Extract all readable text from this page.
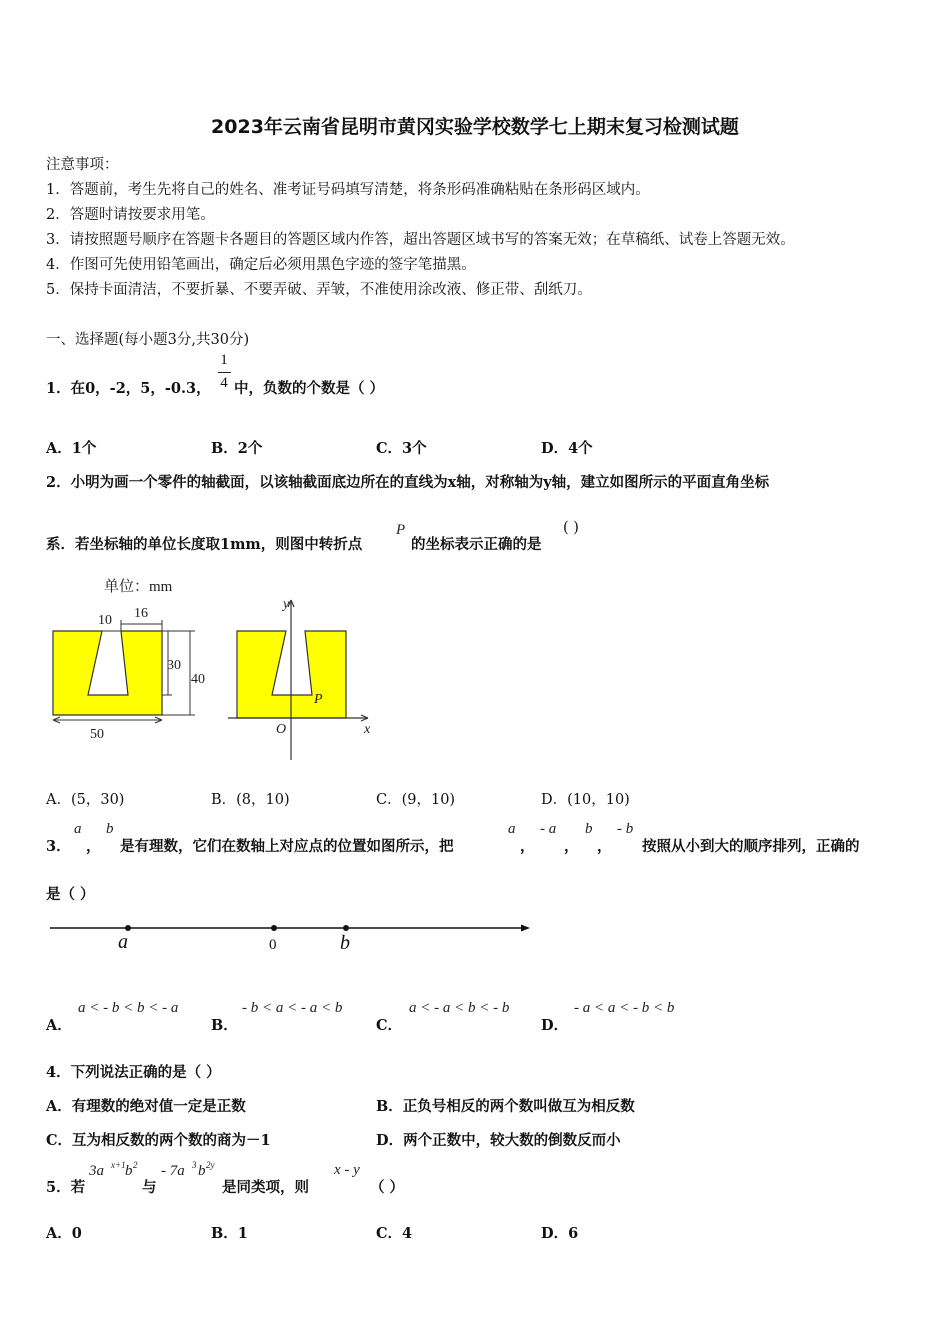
2023年云南省昆明市黄冈实验学校数学七上期末复习检测试题
注意事项：
1．答题前，考生先将自己的姓名、准考证号码填写清楚，将条形码准确粘贴在条形码区域内。
2．答题时请按要求用笔。
3．请按照题号顺序在答题卡各题目的答题区域内作答，超出答题区域书写的答案无效；在草稿纸、试卷上答题无效。
4．作图可先使用铅笔画出，确定后必须用黑色字迹的签字笔描黑。
5．保持卡面清洁，不要折暴、不要弄破、弄皱，不准使用涂改液、修正带、刮纸刀。
一、选择题(每小题3分,共30分)
1．在0，-2，5，-0.3，
1
4 中，负数的个数是（ ）
A．1个	B．2个	C．3个	D．4个
2．小明为画一个零件的轴截面，以该轴截面底边所在的直线为x轴，对称轴为y轴，建立如图所示的平面直角坐标
系．若坐标轴的单位长度取1mm，则图中转折点
P
的坐标表示正确的是
( )
单位：mm
10 16
30
40
50
y
x
O
P
A．(5，30)	B．(8，10)	C．(9，10)	D．(10，10)
3．
a
，
b
是有理数，它们在数轴上对应点的位置如图所示，把
a
，
- a
，
b
，
- b
按照从小到大的顺序排列，正确的
是（ ）
a	0	b
A．
a < - b < b < - a
B．
- b < a < - a < b
C．
a < - a < b < - b
D．
- a < a < - b < b
4．下列说法正确的是（ ）
A．有理数的绝对值一定是正数	B．正负号相反的两个数叫做互为相反数
C．互为相反数的两个数的商为－1	D．两个正数中，较大数的倒数反而小
5．若
3a x+1 b 2
与
- 7a 3 b 2y
是同类项，则
x - y
（ ）
A．0	B．1	C．4	D．6
